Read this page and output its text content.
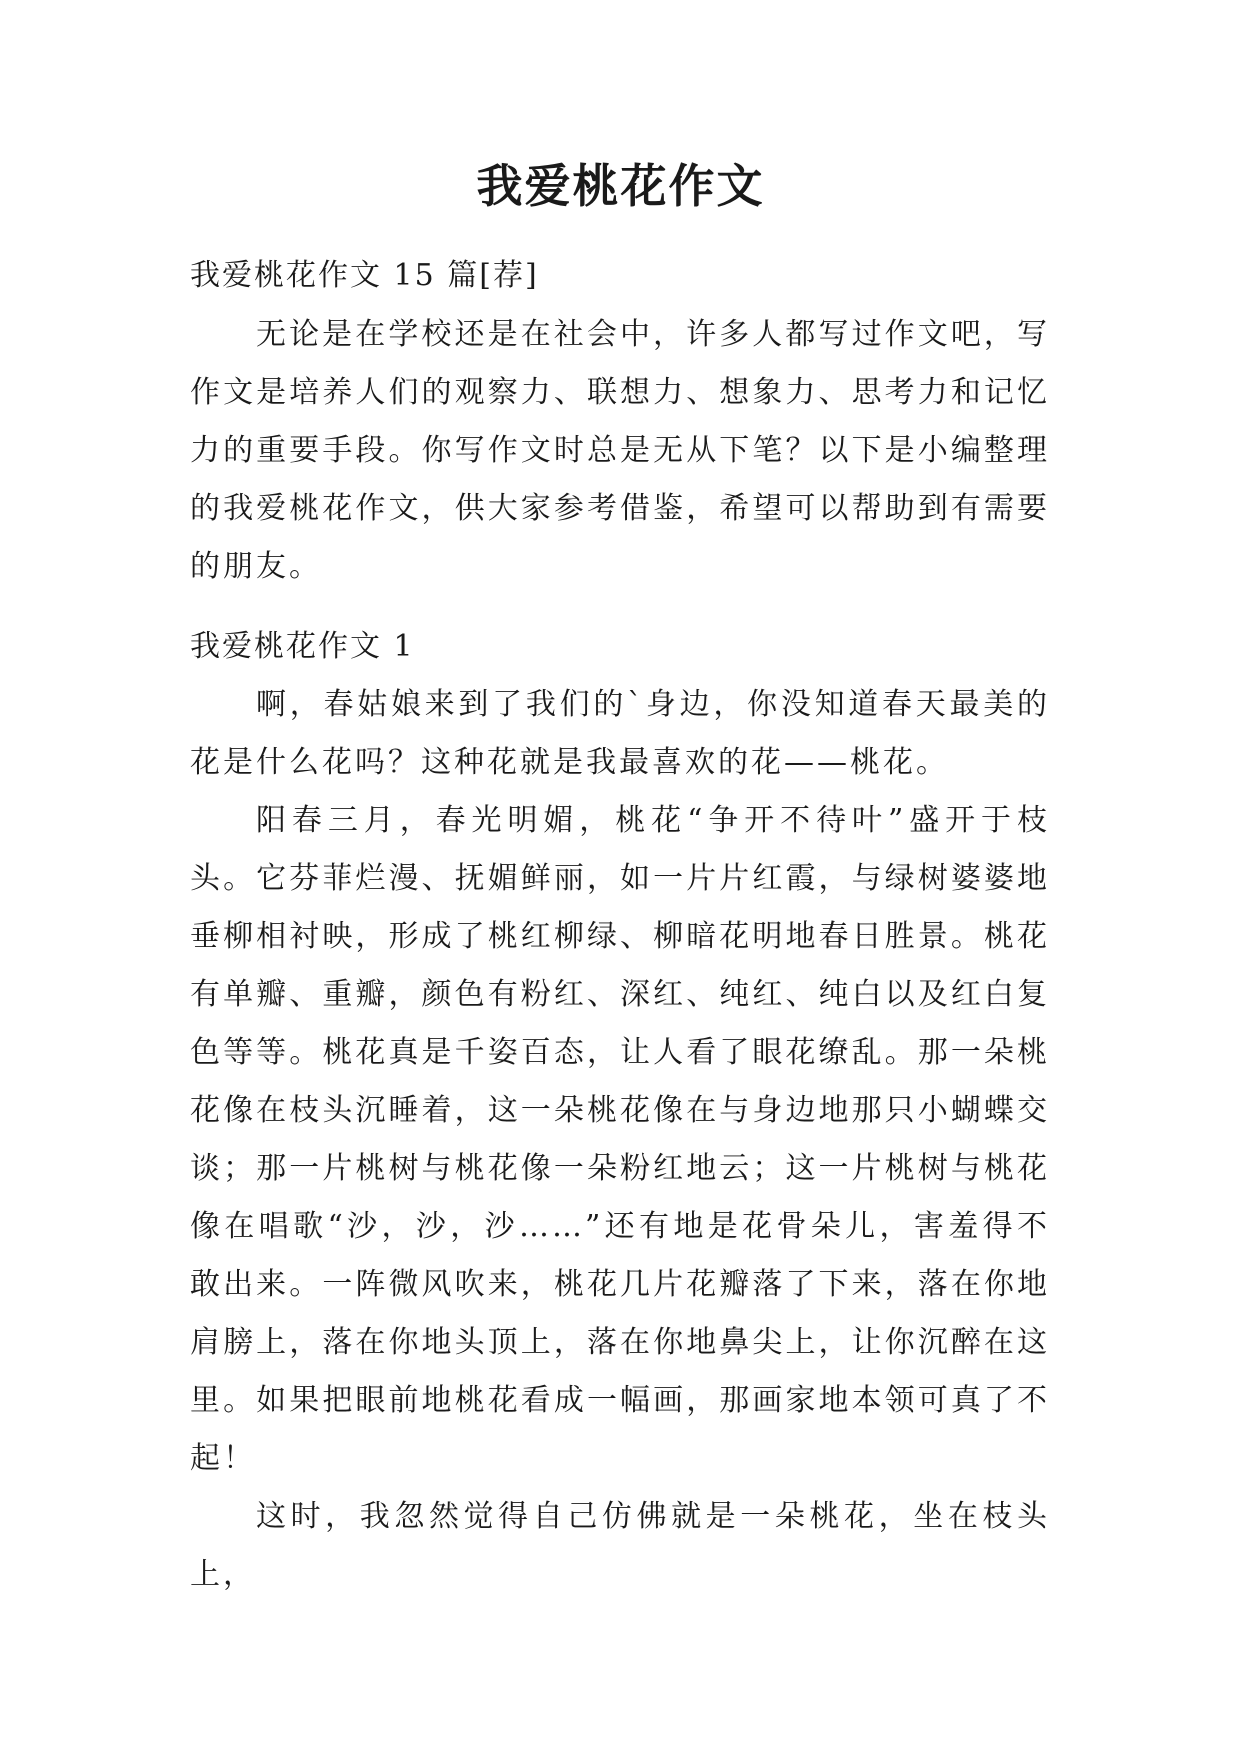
我爱桃花作文
我爱桃花作文 15 篇[荐]

无论是在学校还是在社会中，许多人都写过作文吧，写作文是培养人们的观察力、联想力、想象力、思考力和记忆力的重要手段。你写作文时总是无从下笔？以下是小编整理的我爱桃花作文，供大家参考借鉴，希望可以帮助到有需要的朋友。

我爱桃花作文 1

啊，春姑娘来到了我们的`身边，你没知道春天最美的花是什么花吗？这种花就是我最喜欢的花——桃花。

阳春三月，春光明媚，桃花“争开不待叶”盛开于枝头。它芬菲烂漫、抚媚鲜丽，如一片片红霞，与绿树婆婆地垂柳相衬映，形成了桃红柳绿、柳暗花明地春日胜景。桃花有单瓣、重瓣，颜色有粉红、深红、纯红、纯白以及红白复色等等。桃花真是千姿百态，让人看了眼花缭乱。那一朵桃花像在枝头沉睡着，这一朵桃花像在与身边地那只小蝴蝶交谈；那一片桃树与桃花像一朵粉红地云；这一片桃树与桃花像在唱歌“沙，沙，沙……”还有地是花骨朵儿，害羞得不敢出来。一阵微风吹来，桃花几片花瓣落了下来，落在你地肩膀上，落在你地头顶上，落在你地鼻尖上，让你沉醉在这里。如果把眼前地桃花看成一幅画，那画家地本领可真了不起！

这时，我忽然觉得自己仿佛就是一朵桃花，坐在枝头上，
